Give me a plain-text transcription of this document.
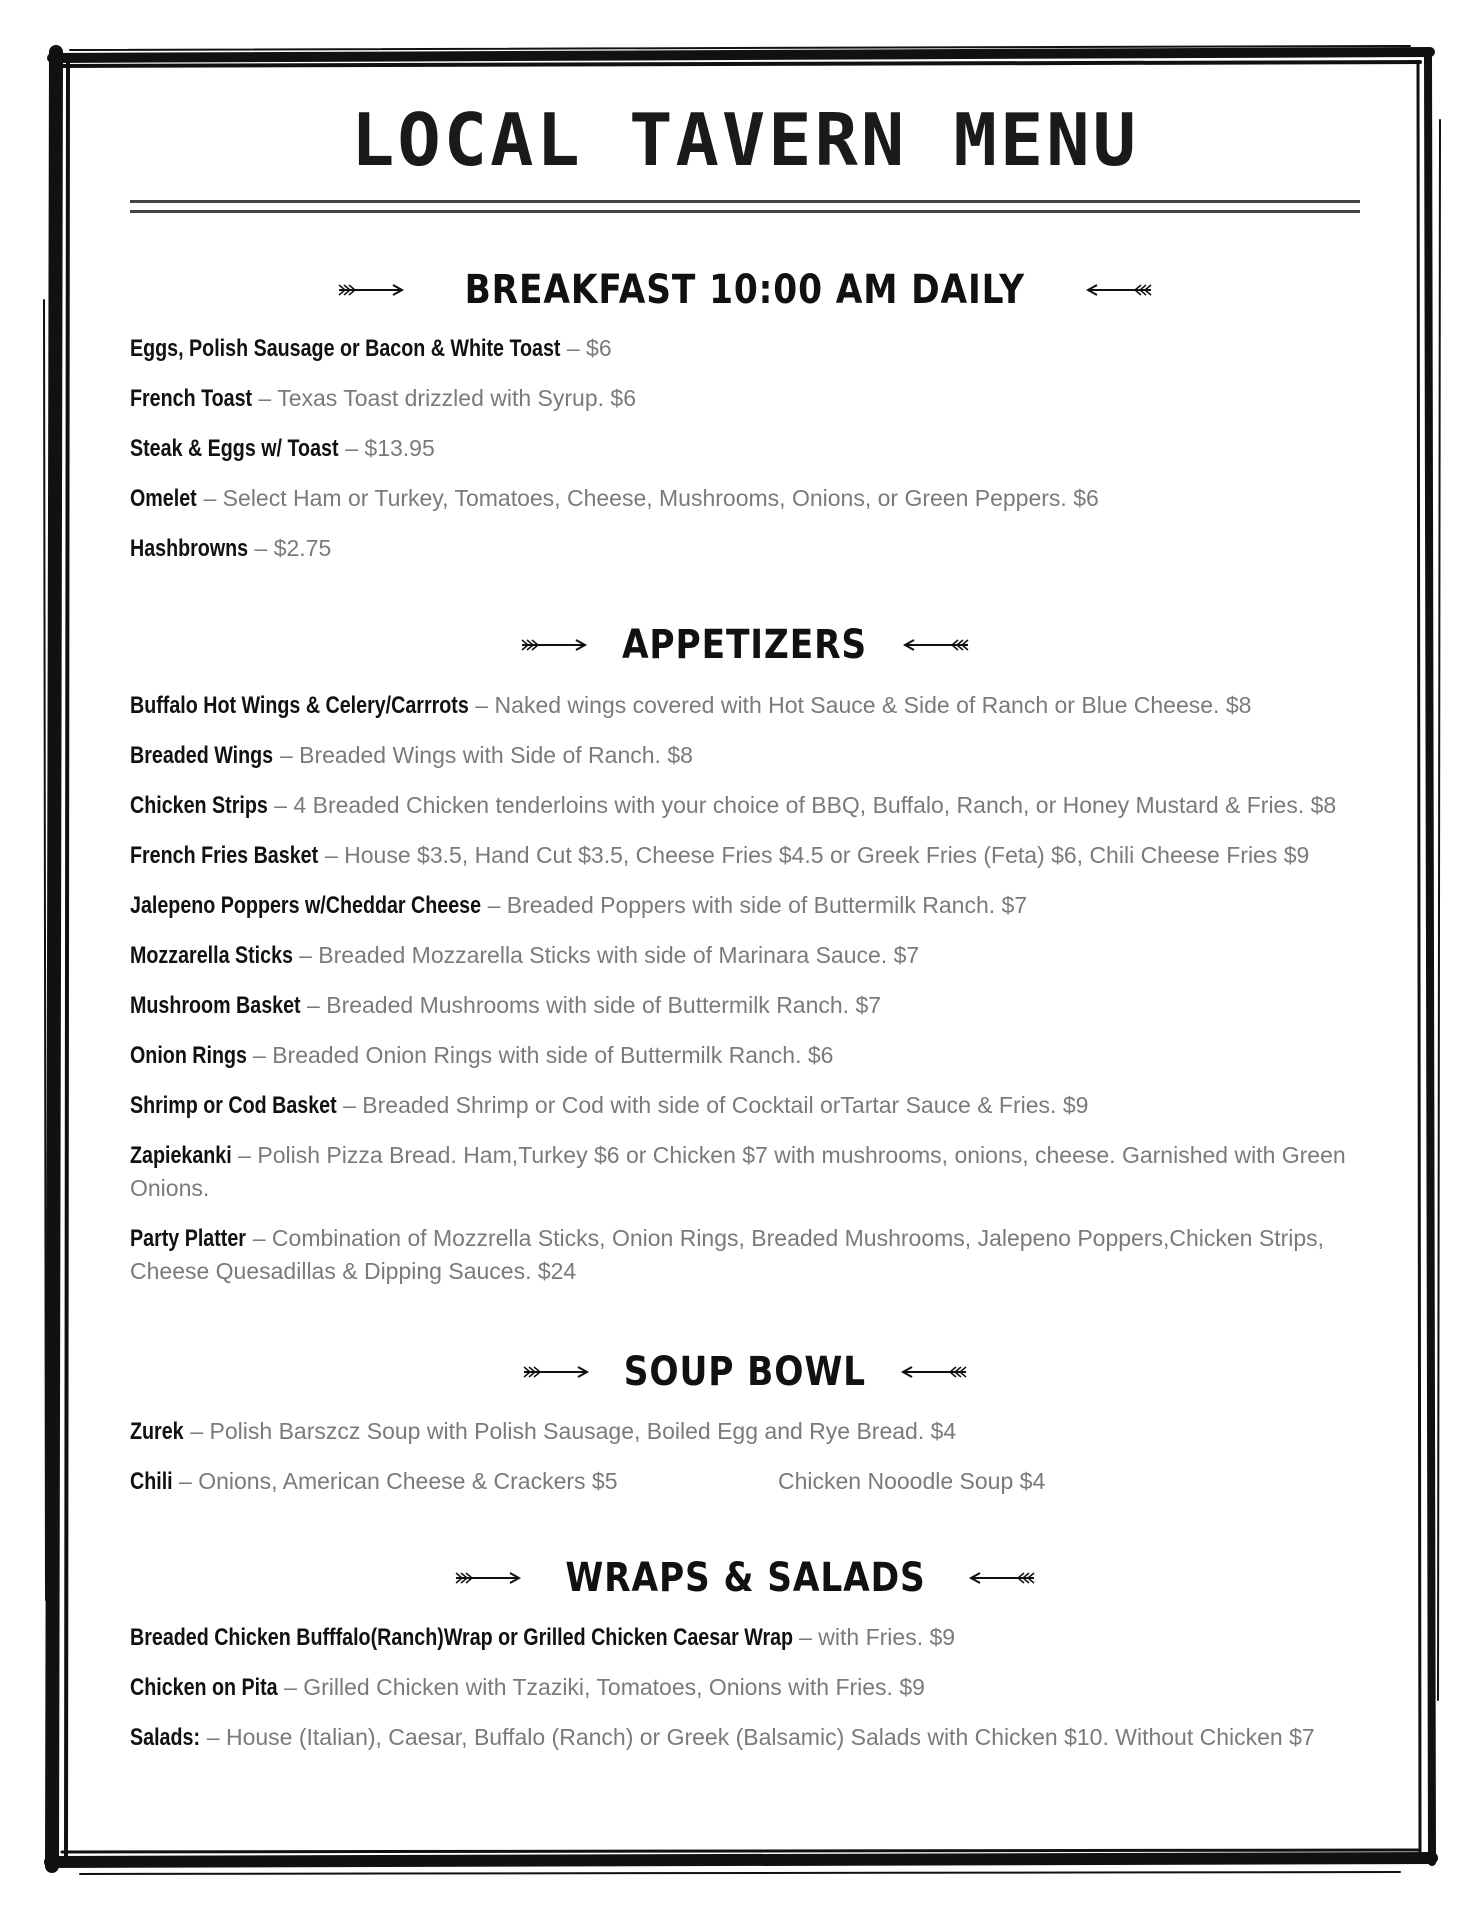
LOCAL TAVERN MENU
BREAKFAST 10:00 AM DAILY
Eggs, Polish Sausage or Bacon & White Toast – $6
French Toast – Texas Toast drizzled with Syrup. $6
Steak & Eggs w/ Toast – $13.95
Omelet – Select Ham or Turkey, Tomatoes, Cheese, Mushrooms, Onions, or Green Peppers. $6
Hashbrowns – $2.75
APPETIZERS
Buffalo Hot Wings & Celery/Carrrots – Naked wings covered with Hot Sauce & Side of Ranch or Blue Cheese. $8
Breaded Wings – Breaded Wings with Side of Ranch. $8
Chicken Strips – 4 Breaded Chicken tenderloins with your choice of BBQ, Buffalo, Ranch, or Honey Mustard & Fries. $8
French Fries Basket – House $3.5, Hand Cut $3.5, Cheese Fries $4.5 or Greek Fries (Feta) $6, Chili Cheese Fries $9
Jalepeno Poppers w/Cheddar Cheese – Breaded Poppers with side of Buttermilk Ranch. $7
Mozzarella Sticks – Breaded Mozzarella Sticks with side of Marinara Sauce. $7
Mushroom Basket – Breaded Mushrooms with side of Buttermilk Ranch. $7
Onion Rings – Breaded Onion Rings with side of Buttermilk Ranch. $6
Shrimp or Cod Basket – Breaded Shrimp or Cod with side of Cocktail orTartar Sauce & Fries. $9
Zapiekanki – Polish Pizza Bread. Ham,Turkey $6 or Chicken $7 with mushrooms, onions, cheese. Garnished with Green Onions.
Party Platter – Combination of Mozzrella Sticks, Onion Rings, Breaded Mushrooms, Jalepeno Poppers,Chicken Strips, Cheese Quesadillas & Dipping Sauces. $24
SOUP BOWL
Zurek – Polish Barszcz Soup with Polish Sausage, Boiled Egg and Rye Bread. $4
Chili – Onions, American Cheese & Crackers $5	Chicken Nooodle Soup $4
WRAPS & SALADS
Breaded Chicken Bufffalo(Ranch)Wrap or Grilled Chicken Caesar Wrap – with Fries. $9
Chicken on Pita – Grilled Chicken with Tzaziki, Tomatoes, Onions with Fries. $9
Salads: – House (Italian), Caesar, Buffalo (Ranch) or Greek (Balsamic) Salads with Chicken $10. Without Chicken $7
